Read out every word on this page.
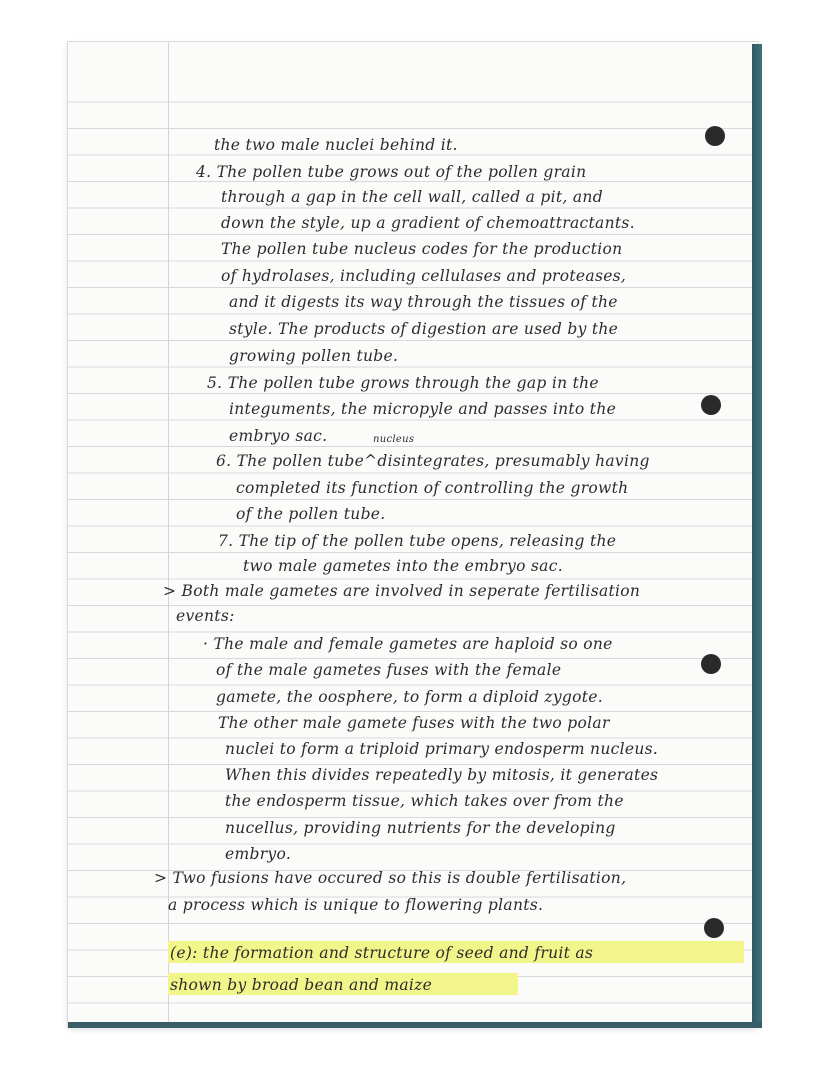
the two male nuclei behind it.
4. The pollen tube grows out of the pollen grain
through a gap in the cell wall, called a pit, and
down the style, up a gradient of chemoattractants.
The pollen tube nucleus codes for the production
of hydrolases, including cellulases and proteases,
and it digests its way through the tissues of the
style. The products of digestion are used by the
growing pollen tube.
5. The pollen tube grows through the gap in the
integuments, the micropyle and passes into the
embryo sac.	nucleus
6. The pollen tube^disintegrates, presumably having
completed its function of controlling the growth
of the pollen tube.
7. The tip of the pollen tube opens, releasing the
two male gametes into the embryo sac.
> Both male gametes are involved in seperate fertilisation
events:
· The male and female gametes are haploid so one
of the male gametes fuses with the female
gamete, the oosphere, to form a diploid zygote.
The other male gamete fuses with the two polar
nuclei to form a triploid primary endosperm nucleus.
When this divides repeatedly by mitosis, it generates
the endosperm tissue, which takes over from the
nucellus, providing nutrients for the developing
embryo.
> Two fusions have occured so this is double fertilisation,
a process which is unique to flowering plants.
(e): the formation and structure of seed and fruit as
shown by broad bean and maize
